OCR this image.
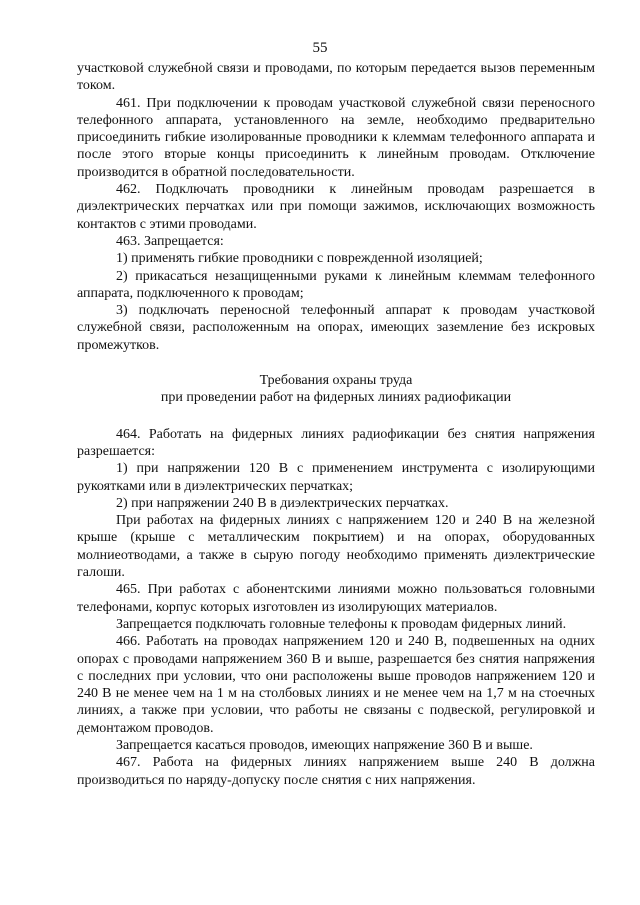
55

участковой служебной связи и проводами, по которым передается вызов переменным током.

461. При подключении к проводам участковой служебной связи переносного телефонного аппарата, установленного на земле, необходимо предварительно присоединить гибкие изолированные проводники к клеммам телефонного аппарата и после этого вторые концы присоединить к линейным проводам. Отключение производится в обратной последовательности.

462. Подключать проводники к линейным проводам разрешается в диэлектрических перчатках или при помощи зажимов, исключающих возможность контактов с этими проводами.

463. Запрещается:

1) применять гибкие проводники с поврежденной изоляцией;

2) прикасаться незащищенными руками к линейным клеммам телефонного аппарата, подключенного к проводам;

3) подключать переносной телефонный аппарат к проводам участковой служебной связи, расположенным на опорах, имеющих заземление без искровых промежутков.

Требования охраны труда
при проведении работ на фидерных линиях радиофикации

464. Работать на фидерных линиях радиофикации без снятия напряжения разрешается:

1) при напряжении 120 В с применением инструмента с изолирующими рукоятками или в диэлектрических перчатках;

2) при напряжении 240 В в диэлектрических перчатках.

При работах на фидерных линиях с напряжением 120 и 240 В на железной крыше (крыше с металлическим покрытием) и на опорах, оборудованных молниеотводами, а также в сырую погоду необходимо применять диэлектрические галоши.

465. При работах с абонентскими линиями можно пользоваться головными телефонами, корпус которых изготовлен из изолирующих материалов.

Запрещается подключать головные телефоны к проводам фидерных линий.

466. Работать на проводах напряжением 120 и 240 В, подвешенных на одних опорах с проводами напряжением 360 В и выше, разрешается без снятия напряжения с последних при условии, что они расположены выше проводов напряжением 120 и 240 В не менее чем на 1 м на столбовых линиях и не менее чем на 1,7 м на стоечных линиях, а также при условии, что работы не связаны с подвеской, регулировкой и демонтажом проводов.

Запрещается касаться проводов, имеющих напряжение 360 В и выше.

467. Работа на фидерных линиях напряжением выше 240 В должна производиться по наряду-допуску после снятия с них напряжения.
